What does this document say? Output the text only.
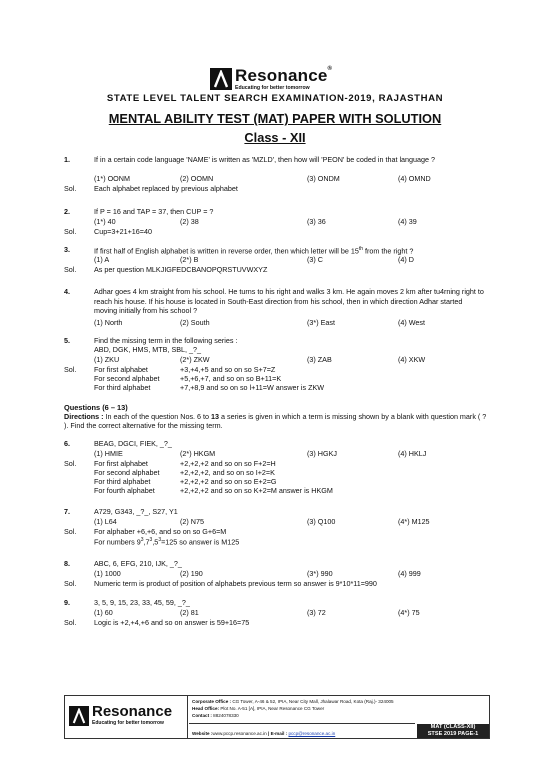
Resonance®
Educating for better tomorrow
STATE LEVEL TALENT SEARCH EXAMINATION-2019, RAJASTHAN
MENTAL ABILITY TEST (MAT) PAPER WITH SOLUTION
Class - XII
1.	If in a certain code language 'NAME' is written as 'MZLD', then how will 'PEON' be coded in that language ?
(1*) OONM	(2) OOMN	(3) ONDM	(4) OMND
Sol. Each alphabet replaced by previous alphabet
2.	If P = 16 and TAP = 37, then CUP = ?
(1*) 40	(2) 38	(3) 36	(4) 39
Sol. Cup=3+21+16=40
3.	If first half of English alphabet is written in reverse order, then which letter will be 15th from the right ?
(1) A	(2*) B	(3) C	(4) D
Sol. As per question MLKJIGFEDCBANOPQRSTUVWXYZ
4.	Adhar goes 4 km straight from his school. He turns to his right and walks 3 km. He again moves 2 km after tu4rning right to reach his house. If his house is located in South-East direction from his school, then in which direction Adhar started moving initially from his school ?
(1) North	(2) South	(3*) East	(4) West
5.	Find the missing term in the following series :
ABD, DGK, HMS, MTB, SBL, _?_
(1) ZKU	(2*) ZKW	(3) ZAB	(4) XKW
Sol. For first alphabet	+3,+4,+5 and so on so S+7=Z
For second alphabet	+5,+6,+7, and so on so B+11=K
For third alphabet	+7,+8,9 and so on so l+11=W answer is ZKW
Questions (6 – 13)
Directions : In each of the question Nos. 6 to 13 a series is given in which a term is missing shown by a blank with question mark ( ? ). Find the correct alternative for the missing term.
6.	BEAG, DGCI, FIEK, _?_
(1) HMIE	(2*) HKGM	(3) HGKJ	(4) HKLJ
Sol. For first alphabet	+2,+2,+2 and so on so F+2=H
For second alphabet	+2,+2,+2, and so on so I+2=K
For third alphabet	+2,+2,+2 and so on so E+2=G
For fourth alphabet	+2,+2,+2 and so on so K+2=M answer is HKGM
7.	A729, G343, _?_, S27, Y1
(1) L64	(2) N75	(3) Q100	(4*) M125
Sol. For alphaber +6,+6, and so on so G+6=M
For numbers $9^3,7^3,5^3=125$ so answer is M125
8.	ABC, 6, EFG, 210, IJK, _?_
(1) 1000	(2) 190	(3*) 990	(4) 999
Sol. Numeric term is product of position of alphabets previous term so answer is 9*10*11=990
9.	3, 5, 9, 15, 23, 33, 45, 59, _?_
(1) 60	(2) 81	(3) 72	(4*) 75
Sol. Logic is +2,+4,+6 and so on answer is 59+16=75
Resonance
Educating for better tomorrow
Corporate Office : CG Tower, A-46 & 52, IPIA, Near City Mall, Jhalawar Road, Kota (Raj.)- 324005
Head Office: Plot No. A-51 [A], IPIA, Near Resonance CG Tower
Contact : 8824078330
Website :www.pccp.resonance.ac.in | E-mail : pccp@resonance.ac.in
MAT (CLASS-XII)
STSE 2019 PAGE-1
